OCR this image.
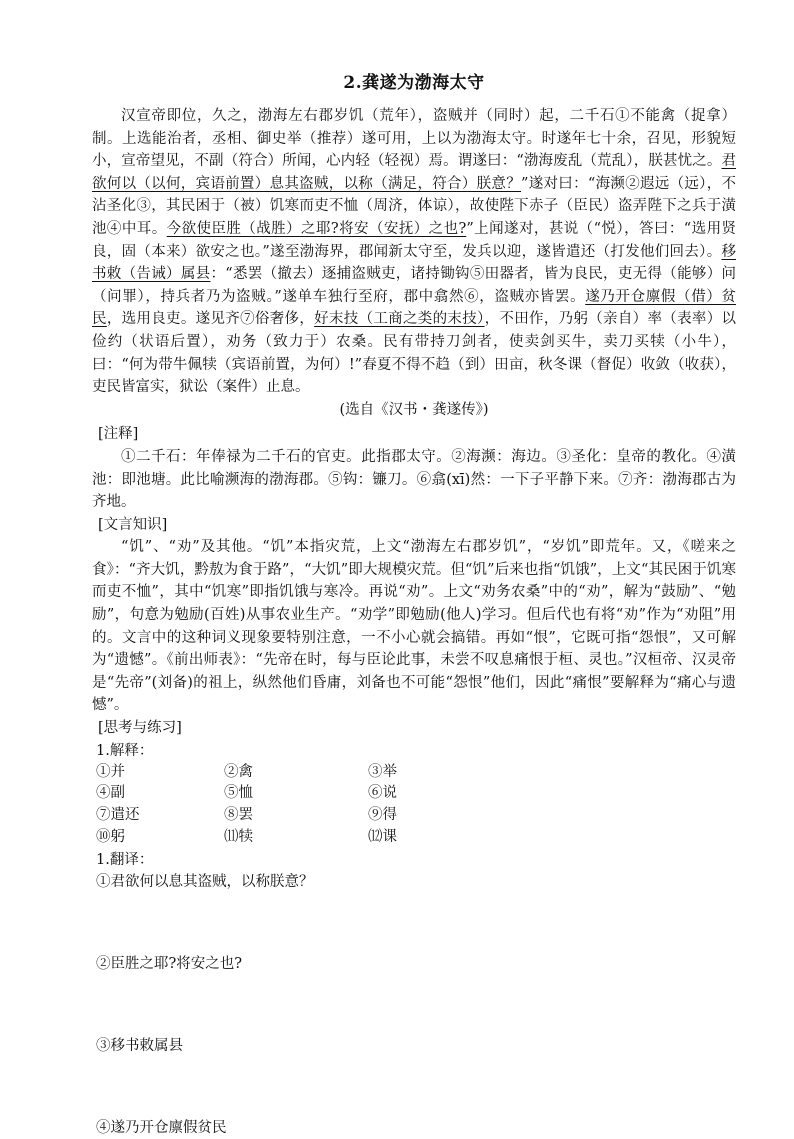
2.龚遂为渤海太守

汉宣帝即位，久之，渤海左右郡岁饥（荒年），盗贼并（同时）起，二千石①不能禽（捉拿）制。上选能治者，丞相、御史举（推荐）遂可用，上以为渤海太守。时遂年七十余，召见，形貌短小，宣帝望见，不副（符合）所闻，心内轻（轻视）焉。谓遂曰：“渤海废乱（荒乱），朕甚忧之。君欲何以（以何，宾语前置）息其盗贼，以称（满足，符合）朕意？”遂对曰：“海濒②遐远（远），不沾圣化③，其民困于（被）饥寒而吏不恤（周济，体谅），故使陛下赤子（臣民）盗弄陛下之兵于潢池④中耳。今欲使臣胜（战胜）之耶?将安（安抚）之也?”上闻遂对，甚说（“悦），答曰：“选用贤良，固（本来）欲安之也。”遂至渤海界，郡闻新太守至，发兵以迎，遂皆遣还（打发他们回去）。移书敕（告诫）属县：“悉罢（撤去）逐捕盗贼吏，诸持锄钩⑤田器者，皆为良民，吏无得（能够）问（问罪），持兵者乃为盗贼。”遂单车独行至府，郡中翕然⑥，盗贼亦皆罢。遂乃开仓廪假（借）贫民，选用良吏。遂见齐⑦俗奢侈，好末技（工商之类的末技），不田作，乃躬（亲自）率（表率）以俭约（状语后置），劝务（致力于）农桑。民有带持刀剑者，使卖剑买牛，卖刀买犊（小牛），曰：“何为带牛佩犊（宾语前置，为何）!”春夏不得不趋（到）田亩，秋冬课（督促）收敛（收获），吏民皆富实，狱讼（案件）止息。

(选自《汉书・龚遂传》)

[注释]

①二千石：年俸禄为二千石的官吏。此指郡太守。②海濒：海边。③圣化：皇帝的教化。④潢池：即池塘。此比喻濒海的渤海郡。⑤钩：镰刀。⑥翕(xī)然：一下子平静下来。⑦齐：渤海郡古为齐地。

[文言知识]

“饥”、“劝”及其他。“饥”本指灾荒，上文“渤海左右郡岁饥”，“岁饥”即荒年。又，《嗟来之食》：“齐大饥，黔敖为食于路”，“大饥”即大规模灾荒。但“饥”后来也指“饥饿”，上文“其民困于饥寒而吏不恤”，其中“饥寒”即指饥饿与寒冷。再说“劝”。上文“劝务农桑”中的“劝”，解为“鼓励”、“勉励”，句意为勉励(百姓)从事农业生产。“劝学”即勉励(他人)学习。但后代也有将“劝”作为“劝阻”用的。文言中的这种词义现象要特别注意，一不小心就会搞错。再如“恨”，它既可指“怨恨”，又可解为“遗憾”。《前出师表》：“先帝在时，每与臣论此事，未尝不叹息痛恨于桓、灵也。”汉桓帝、汉灵帝是“先帝”(刘备)的祖上，纵然他们昏庸，刘备也不可能“怨恨”他们，因此“痛恨”要解释为“痛心与遗憾”。

[思考与练习]

1.解释：

①并	②禽	③举
④副	⑤恤	⑥说
⑦遣还	⑧罢	⑨得
⑩躬	⑾犊	⑿课

1.翻译：

①君欲何以息其盗贼，以称朕意？

②臣胜之耶?将安之也?

③移书敕属县

④遂乃开仓廪假贫民
